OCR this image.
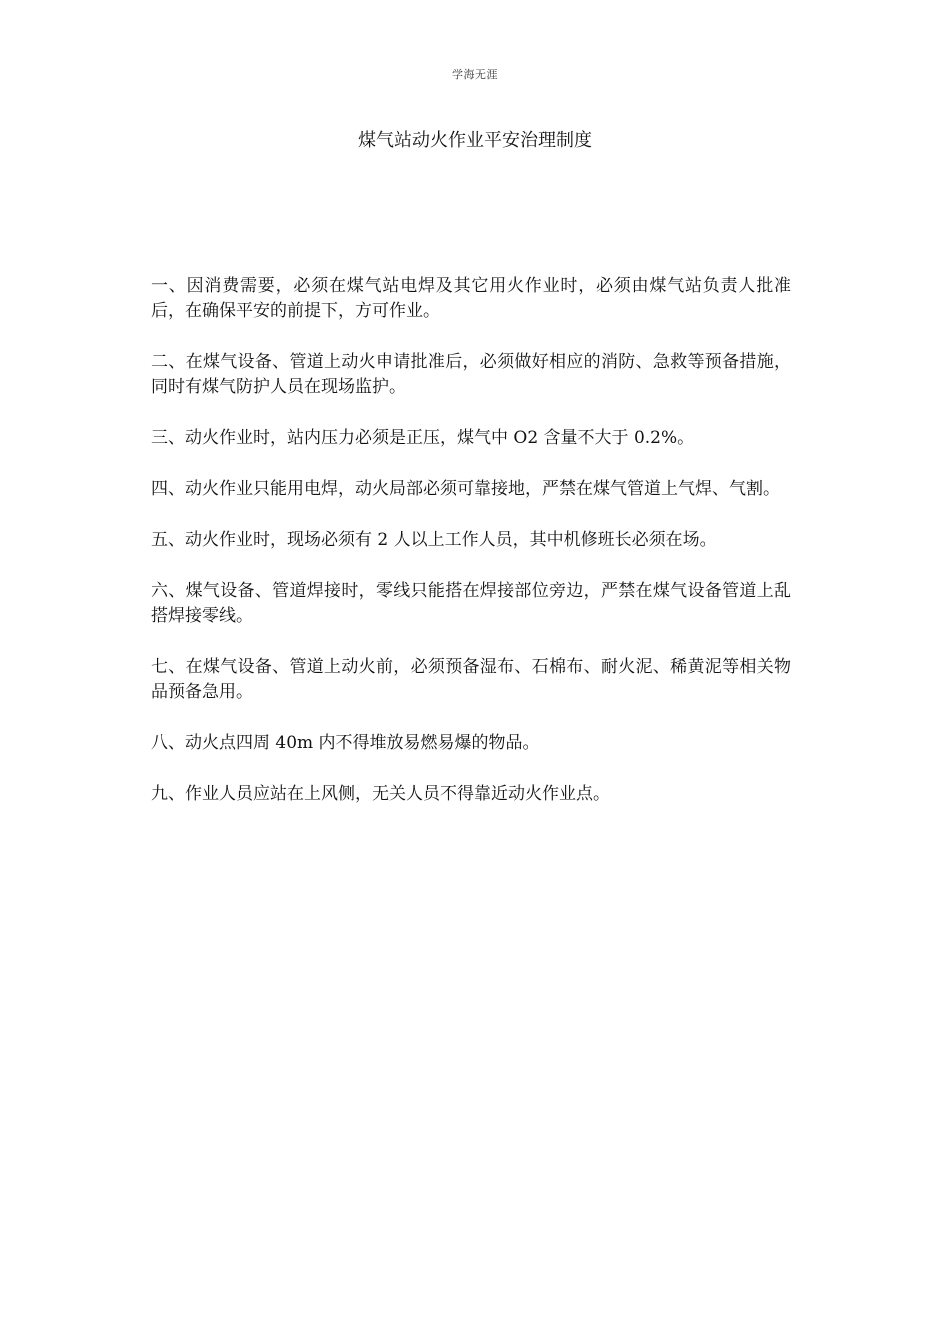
学海无涯
煤气站动火作业平安治理制度

一、因消费需要，必须在煤气站电焊及其它用火作业时，必须由煤气站负责人批准后，在确保平安的前提下，方可作业。

二、在煤气设备、管道上动火申请批准后，必须做好相应的消防、急救等预备措施，同时有煤气防护人员在现场监护。

三、动火作业时，站内压力必须是正压，煤气中 O2 含量不大于 0.2%。

四、动火作业只能用电焊，动火局部必须可靠接地，严禁在煤气管道上气焊、气割。

五、动火作业时，现场必须有 2 人以上工作人员，其中机修班长必须在场。

六、煤气设备、管道焊接时，零线只能搭在焊接部位旁边，严禁在煤气设备管道上乱搭焊接零线。

七、在煤气设备、管道上动火前，必须预备湿布、石棉布、耐火泥、稀黄泥等相关物品预备急用。

八、动火点四周 40m 内不得堆放易燃易爆的物品。

九、作业人员应站在上风侧，无关人员不得靠近动火作业点。
